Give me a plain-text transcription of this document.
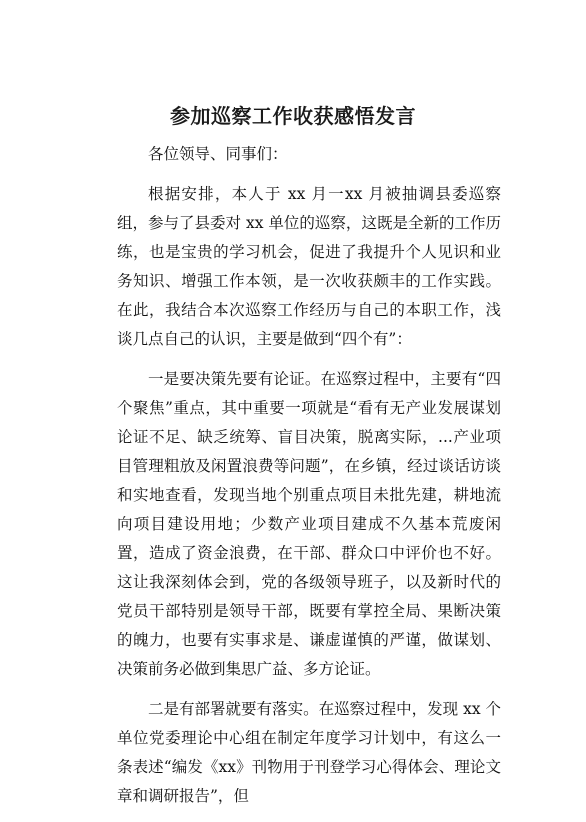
参加巡察工作收获感悟发言

各位领导、同事们：

根据安排，本人于 xx 月一xx 月被抽调县委巡察组，参与了县委对 xx 单位的巡察，这既是全新的工作历练，也是宝贵的学习机会，促进了我提升个人见识和业务知识、增强工作本领，是一次收获颇丰的工作实践。在此，我结合本次巡察工作经历与自己的本职工作，浅谈几点自己的认识，主要是做到“四个有”：

一是要决策先要有论证。在巡察过程中，主要有“四个聚焦”重点，其中重要一项就是“看有无产业发展谋划论证不足、缺乏统筹、盲目决策，脱离实际，...产业项目管理粗放及闲置浪费等问题”，在乡镇，经过谈话访谈和实地查看，发现当地个别重点项目未批先建，耕地流向项目建设用地；少数产业项目建成不久基本荒废闲置，造成了资金浪费，在干部、群众口中评价也不好。这让我深刻体会到，党的各级领导班子，以及新时代的党员干部特别是领导干部，既要有掌控全局、果断决策的魄力，也要有实事求是、谦虚谨慎的严谨，做谋划、决策前务必做到集思广益、多方论证。

二是有部署就要有落实。在巡察过程中，发现 xx 个单位党委理论中心组在制定年度学习计划中，有这么一条表述“编发《xx》刊物用于刊登学习心得体会、理论文章和调研报告”，但
